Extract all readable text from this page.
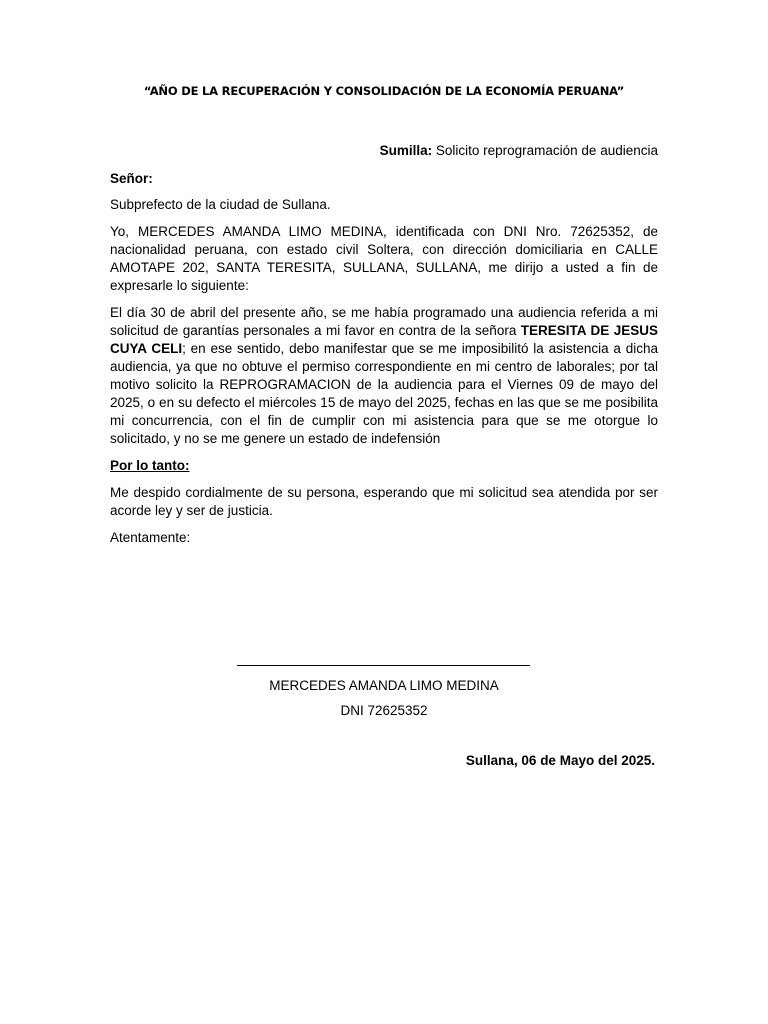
“AÑO DE LA RECUPERACIÓN Y CONSOLIDACIÓN DE LA ECONOMÍA PERUANA”

Sumilla: Solicito reprogramación de audiencia

Señor:

Subprefecto de la ciudad de Sullana.

Yo, MERCEDES AMANDA LIMO MEDINA, identificada con DNI Nro. 72625352, de nacionalidad peruana, con estado civil Soltera, con dirección domiciliaria en CALLE AMOTAPE 202, SANTA TERESITA, SULLANA, SULLANA, me dirijo a usted a fin de expresarle lo siguiente:

El día 30 de abril del presente año, se me había programado una audiencia referida a mi solicitud de garantías personales a mi favor en contra de la señora TERESITA DE JESUS CUYA CELI; en ese sentido, debo manifestar que se me imposibilitó la asistencia a dicha audiencia, ya que no obtuve el permiso correspondiente en mi centro de laborales; por tal motivo solicito la REPROGRAMACION de la audiencia para el Viernes 09 de mayo del 2025, o en su defecto el miércoles 15 de mayo del 2025, fechas en las que se me posibilita mi concurrencia, con el fin de cumplir con mi asistencia para que se me otorgue lo solicitado, y no se me genere un estado de indefensión

Por lo tanto:

Me despido cordialmente de su persona, esperando que mi solicitud sea atendida por ser acorde ley y ser de justicia.

Atentamente:

MERCEDES AMANDA LIMO MEDINA
DNI 72625352
Sullana, 06 de Mayo del 2025.
